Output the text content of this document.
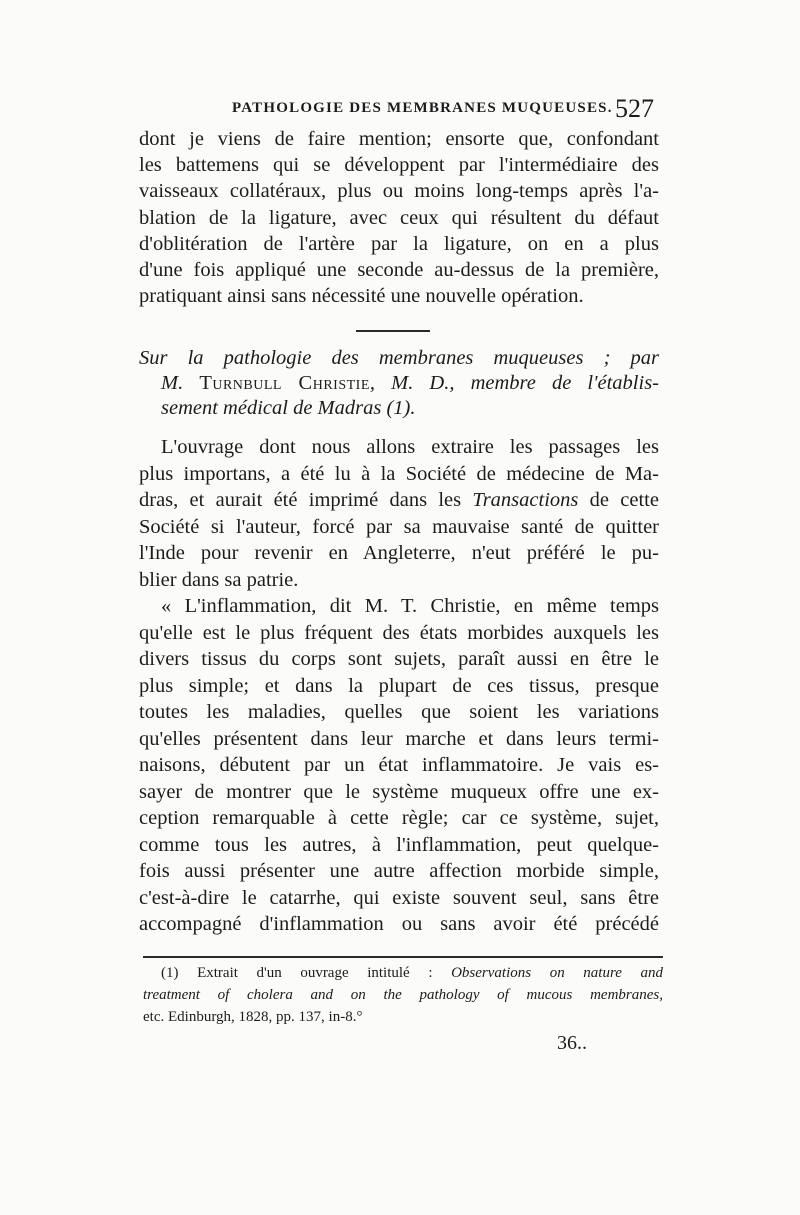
PATHOLOGIE DES MEMBRANES MUQUEUSES. 527

dont je viens de faire mention; ensorte que, confondant

les battemens qui se développent par l'intermédiaire des

vaisseaux collatéraux, plus ou moins long-temps après l'a-

blation de la ligature, avec ceux qui résultent du défaut

d'oblitération de l'artère par la ligature, on en a plus

d'une fois appliqué une seconde au-dessus de la première,

pratiquant ainsi sans nécessité une nouvelle opération.

Sur la pathologie des membranes muqueuses ; par
M. Turnbull Christie, M. D., membre de l'établis-
sement médical de Madras (1).
L'ouvrage dont nous allons extraire les passages les
plus importans, a été lu à la Société de médecine de Ma-
dras, et aurait été imprimé dans les Transactions de cette
Société si l'auteur, forcé par sa mauvaise santé de quitter
l'Inde pour revenir en Angleterre, n'eut préféré le pu-
blier dans sa patrie.
« L'inflammation, dit M. T. Christie, en même temps
qu'elle est le plus fréquent des états morbides auxquels les
divers tissus du corps sont sujets, paraît aussi en être le
plus simple; et dans la plupart de ces tissus, presque
toutes les maladies, quelles que soient les variations
qu'elles présentent dans leur marche et dans leurs termi-
naisons, débutent par un état inflammatoire. Je vais es-
sayer de montrer que le système muqueux offre une ex-
ception remarquable à cette règle; car ce système, sujet,
comme tous les autres, à l'inflammation, peut quelque-
fois aussi présenter une autre affection morbide simple,
c'est-à-dire le catarrhe, qui existe souvent seul, sans être
accompagné d'inflammation ou sans avoir été précédé
(1) Extrait d'un ouvrage intitulé : Observations on nature and
treatment of cholera and on the pathology of mucous membranes,
etc. Edinburgh, 1828, pp. 137, in-8.°
36..
